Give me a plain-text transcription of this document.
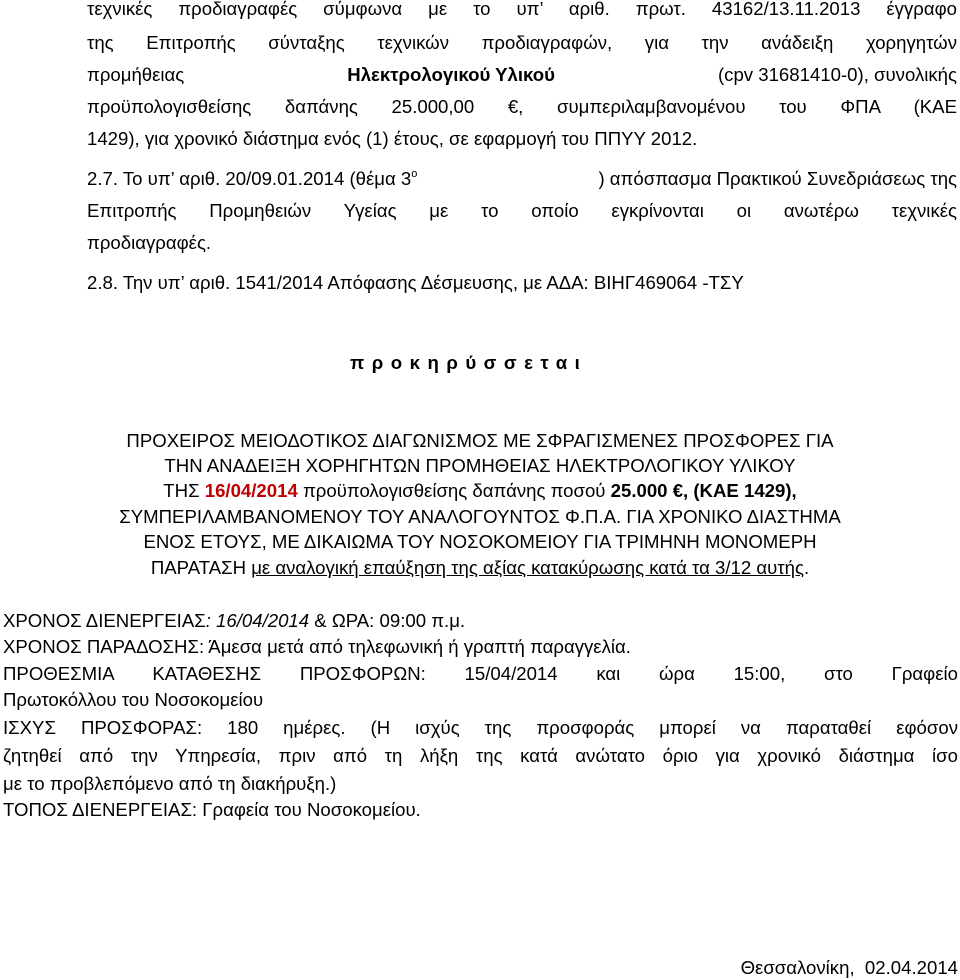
τεχνικές προδιαγραφές σύμφωνα με το υπ’ αριθ. πρωτ. 43162/13.11.2013 έγγραφο
της Επιτροπής σύνταξης τεχνικών προδιαγραφών, για την ανάδειξη χορηγητών
προμήθειας	Ηλεκτρολογικού Υλικού	(cpv 31681410-0), συνολικής
προϋπολογισθείσης δαπάνης 25.000,00 €, συμπεριλαμβανομένου του ΦΠΑ (ΚΑΕ
1429), για χρονικό διάστημα ενός (1) έτους, σε εφαρμογή του ΠΠΥΥ 2012.
2.7. Το υπ’ αριθ. 20/09.01.2014 (θέμα $3^o$	) απόσπασμα Πρακτικού Συνεδριάσεως της
Επιτροπής Προμηθειών Υγείας με το οποίο εγκρίνονται οι ανωτέρω τεχνικές
προδιαγραφές.
2.8. Την υπ’ αριθ. 1541/2014 Απόφασης Δέσμευσης, με ΑΔΑ: ΒΙΗΓ469064 -ΤΣΥ
προκηρύσσεται
ΠΡΟΧΕΙΡΟΣ ΜΕΙΟΔΟΤΙΚΟΣ ΔΙΑΓΩΝΙΣΜΟΣ ΜΕ ΣΦΡΑΓΙΣΜΕΝΕΣ ΠΡΟΣΦΟΡΕΣ ΓΙΑ
ΤΗΝ ΑΝΑΔΕΙΞΗ ΧΟΡΗΓΗΤΩΝ ΠΡΟΜΗΘΕΙΑΣ ΗΛΕΚΤΡΟΛΟΓΙΚΟΥ ΥΛΙΚΟΥ
ΤΗΣ 16/04/2014 προϋπολογισθείσης δαπάνης ποσού 25.000 €, (ΚΑΕ 1429),
ΣΥΜΠΕΡΙΛΑΜΒΑΝΟΜΕΝΟΥ ΤΟΥ ΑΝΑΛΟΓΟΥΝΤΟΣ Φ.Π.Α. ΓΙΑ ΧΡΟΝΙΚΟ ΔΙΑΣΤΗΜΑ
ΕΝΟΣ ΕΤΟΥΣ, ΜΕ ΔΙΚΑΙΩΜΑ ΤΟΥ ΝΟΣΟΚΟΜΕΙΟΥ ΓΙΑ ΤΡΙΜΗΝΗ ΜΟΝΟΜΕΡΗ
ΠΑΡΑΤΑΣΗ με αναλογική επαύξηση της αξίας κατακύρωσης κατά τα 3/12 αυτής.
ΧΡΟΝΟΣ ΔΙΕΝΕΡΓΕΙΑΣ: 16/04/2014 & ΩΡΑ: 09:00 π.μ.
ΧΡΟΝΟΣ ΠΑΡΑΔΟΣΗΣ: Άμεσα μετά από τηλεφωνική ή γραπτή παραγγελία.
ΠΡΟΘΕΣΜΙΑ ΚΑΤΑΘΕΣΗΣ ΠΡΟΣΦΟΡΩΝ: 15/04/2014 και ώρα 15:00, στο Γραφείο
Πρωτοκόλλου του Νοσοκομείου
ΙΣΧΥΣ ΠΡΟΣΦΟΡΑΣ: 180 ημέρες. (Η ισχύς της προσφοράς μπορεί να παραταθεί εφόσον
ζητηθεί από την Υπηρεσία, πριν από τη λήξη της κατά ανώτατο όριο για χρονικό διάστημα ίσο
με το προβλεπόμενο από τη διακήρυξη.)
ΤΟΠΟΣ ΔΙΕΝΕΡΓΕΙΑΣ: Γραφεία του Νοσοκομείου.
Θεσσαλονίκη,  02.04.2014
